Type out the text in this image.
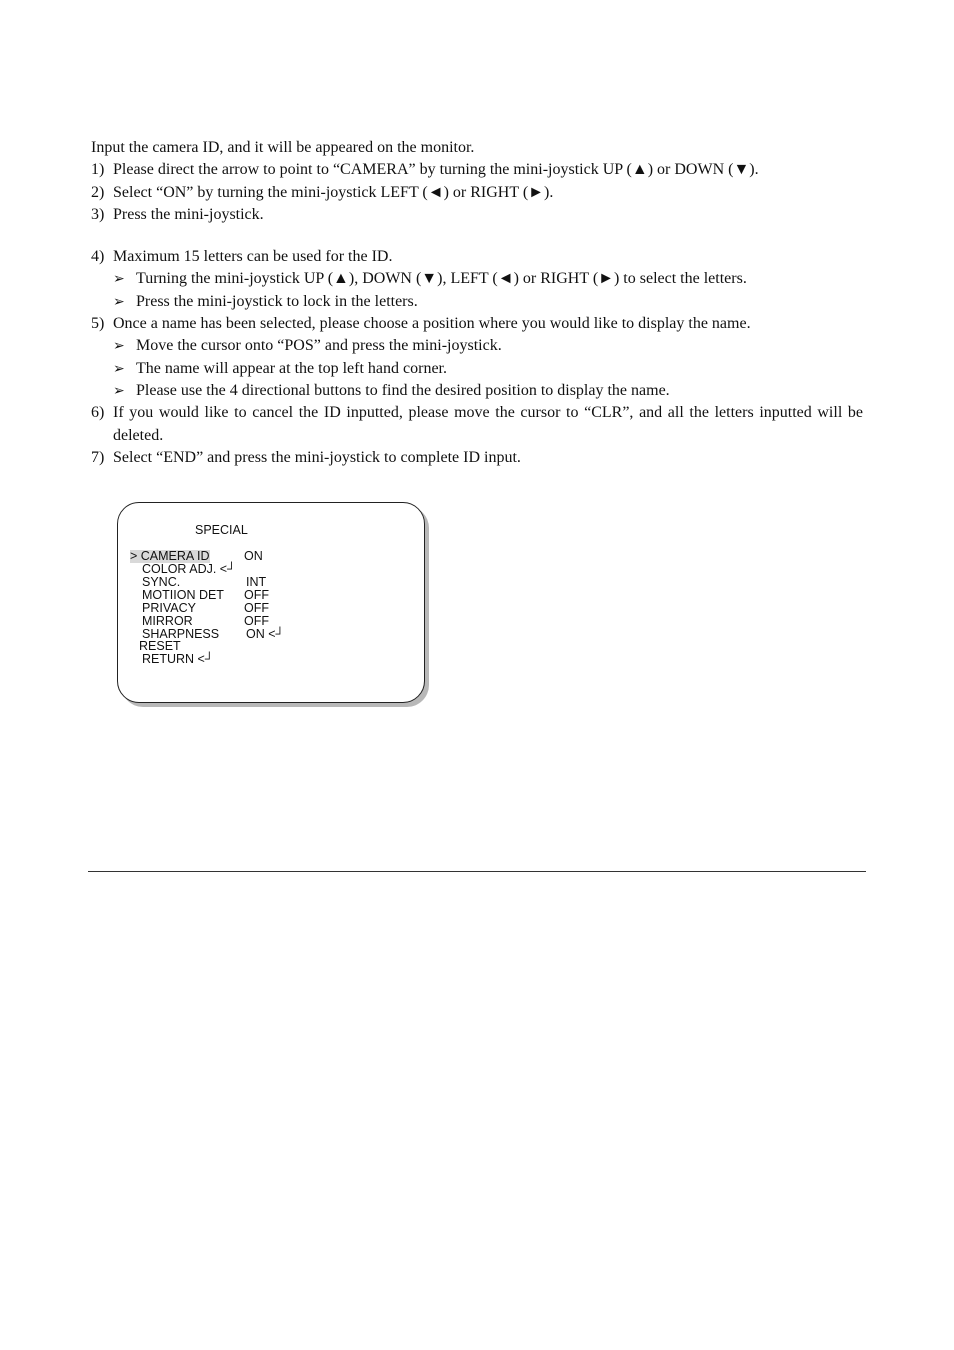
Input the camera ID, and it will be appeared on the monitor.

1) Please direct the arrow to point to “CAMERA” by turning the mini-joystick UP (▲) or DOWN (▼).
2) Select “ON” by turning the mini-joystick LEFT (◄) or RIGHT (►).
3) Press the mini-joystick.
4) Maximum 15 letters can be used for the ID.
➢ Turning the mini-joystick UP (▲), DOWN (▼), LEFT (◄) or RIGHT (►) to select the letters.
➢ Press the mini-joystick to lock in the letters.
5) Once a name has been selected, please choose a position where you would like to display the name.
➢ Move the cursor onto “POS” and press the mini-joystick.
➢ The name will appear at the top left hand corner.
➢ Please use the 4 directional buttons to find the desired position to display the name.
6) If you would like to cancel the ID inputted, please move the cursor to “CLR”, and all the letters inputted will be deleted.
7) Select “END” and press the mini-joystick to complete ID input.
SPECIAL
> CAMERA ID	ON
COLOR ADJ. <┘
SYNC.	INT
MOTIION DET OFF
PRIVACY	OFF
MIRROR	OFF
SHARPNESS ON <┘
RESET
RETURN <┘
